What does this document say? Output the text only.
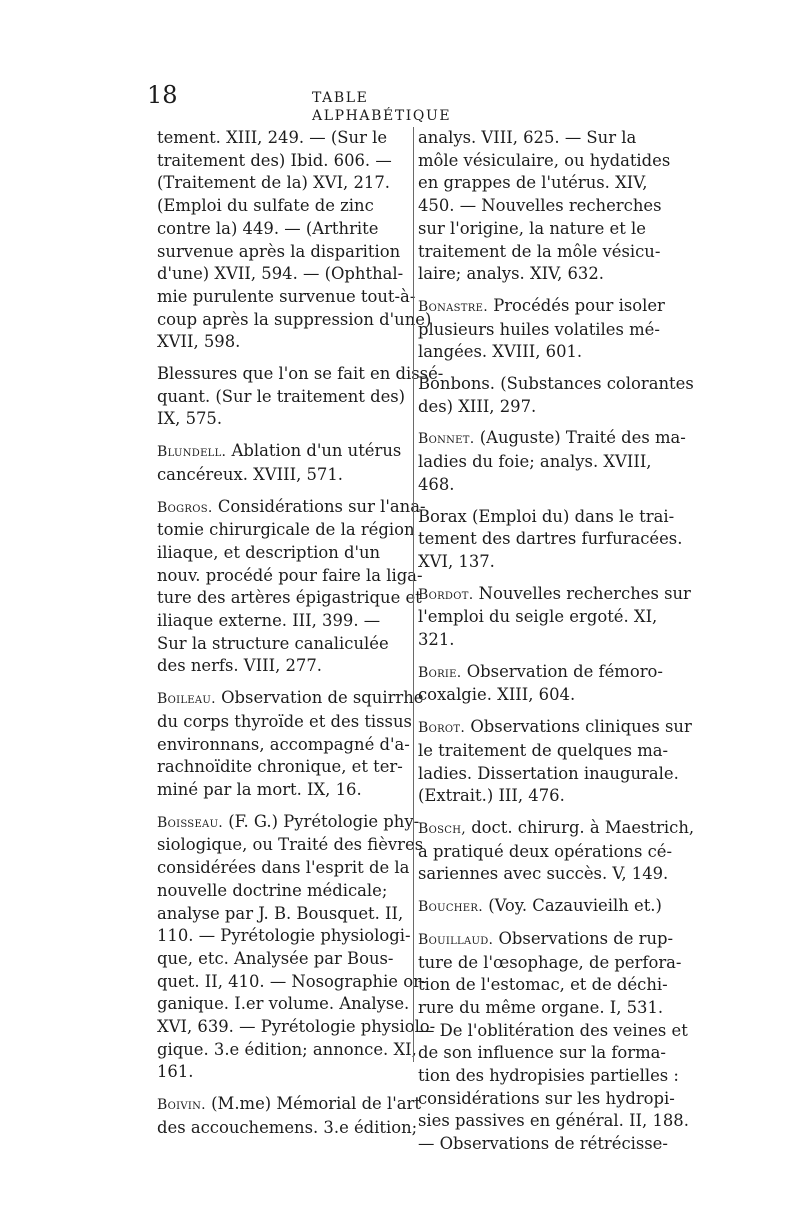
18	TABLE ALPHABÉTIQUE
tement. XIII, 249. — (Sur le
traitement des) Ibid. 606. —
(Traitement de la) XVI, 217.
(Emploi du sulfate de zinc
contre la) 449. — (Arthrite
survenue après la disparition
d'une) XVII, 594. — (Ophthal-
mie purulente survenue tout-à-
coup après la suppression d'une)
XVII, 598.
Blessures que l'on se fait en dissé-
quant. (Sur le traitement des)
IX, 575.
Blundell. Ablation d'un utérus
cancéreux. XVIII, 571.
Bogros. Considérations sur l'ana-
tomie chirurgicale de la région
iliaque, et description d'un
nouv. procédé pour faire la liga-
ture des artères épigastrique et
iliaque externe. III, 399. —
Sur la structure canaliculée
des nerfs. VIII, 277.
Boileau. Observation de squirrhe
du corps thyroïde et des tissus
environnans, accompagné d'a-
rachnoïdite chronique, et ter-
miné par la mort. IX, 16.
Boisseau. (F. G.) Pyrétologie phy-
siologique, ou Traité des fièvres
considérées dans l'esprit de la
nouvelle doctrine médicale;
analyse par J. B. Bousquet. II,
110. — Pyrétologie physiologi-
que, etc. Analysée par Bous-
quet. II, 410. — Nosographie or-
ganique. I.er volume. Analyse.
XVI, 639. — Pyrétologie physiolo-
gique. 3.e édition; annonce. XI,
161.
Boivin. (M.me) Mémorial de l'art
des accouchemens. 3.e édition;
analys. VIII, 625. — Sur la
môle vésiculaire, ou hydatides
en grappes de l'utérus. XIV,
450. — Nouvelles recherches
sur l'origine, la nature et le
traitement de la môle vésicu-
laire; analys. XIV, 632.
Bonastre. Procédés pour isoler
plusieurs huiles volatiles mé-
langées. XVIII, 601.
Bonbons. (Substances colorantes
des) XIII, 297.
Bonnet. (Auguste) Traité des ma-
ladies du foie; analys. XVIII,
468.
Borax (Emploi du) dans le trai-
tement des dartres furfuracées.
XVI, 137.
Bordot. Nouvelles recherches sur
l'emploi du seigle ergoté. XI,
321.
Borie. Observation de fémoro-
coxalgie. XIII, 604.
Borot. Observations cliniques sur
le traitement de quelques ma-
ladies. Dissertation inaugurale.
(Extrait.) III, 476.
Bosch, doct. chirurg. à Maestrich,
a pratiqué deux opérations cé-
sariennes avec succès. V, 149.
Boucher. (Voy. Cazauvieilh et.)
Bouillaud. Observations de rup-
ture de l'œsophage, de perfora-
tion de l'estomac, et de déchi-
rure du même organe. I, 531.
— De l'oblitération des veines et
de son influence sur la forma-
tion des hydropisies partielles :
considérations sur les hydropi-
sies passives en général. II, 188.
— Observations de rétrécisse-
